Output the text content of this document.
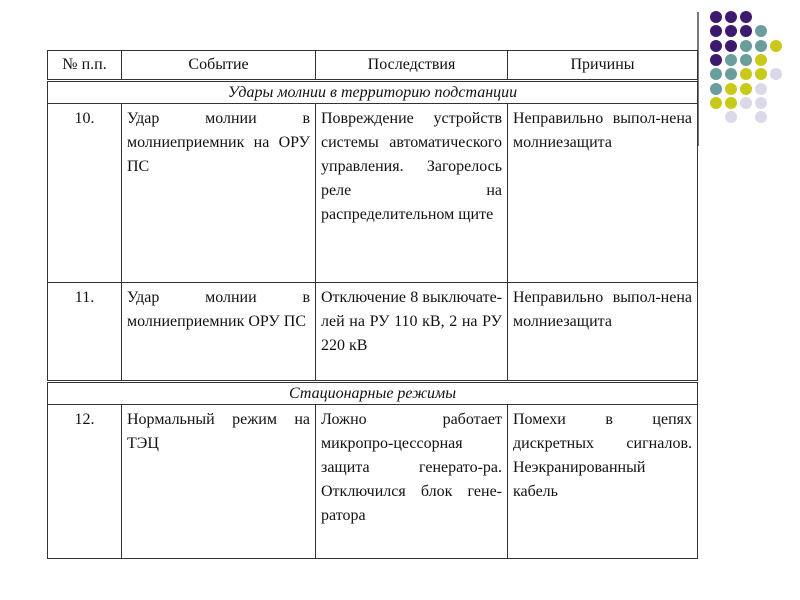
№ п.п.	Событие	Последствия	Причины
Удары молнии в территорию подстанции			
10.	Удар молнии в молниеприемник на ОРУ ПС	Повреждение устройств системы автоматического управления. Загорелось реле на распределительном щите	Неправильно выпол-нена молниезащита
11.	Удар молнии в молниеприемник ОРУ ПС	Отключение 8 выключате-лей на РУ 110 кВ, 2 на РУ 220 кВ	Неправильно выпол-нена молниезащита
Стационарные режимы			
12.	Нормальный режим на ТЭЦ	Ложно работает микропро-цессорная защита генерато-ра. Отключился блок гене-ратора	Помехи в цепях дискретных сигналов. Неэкранированный кабель
